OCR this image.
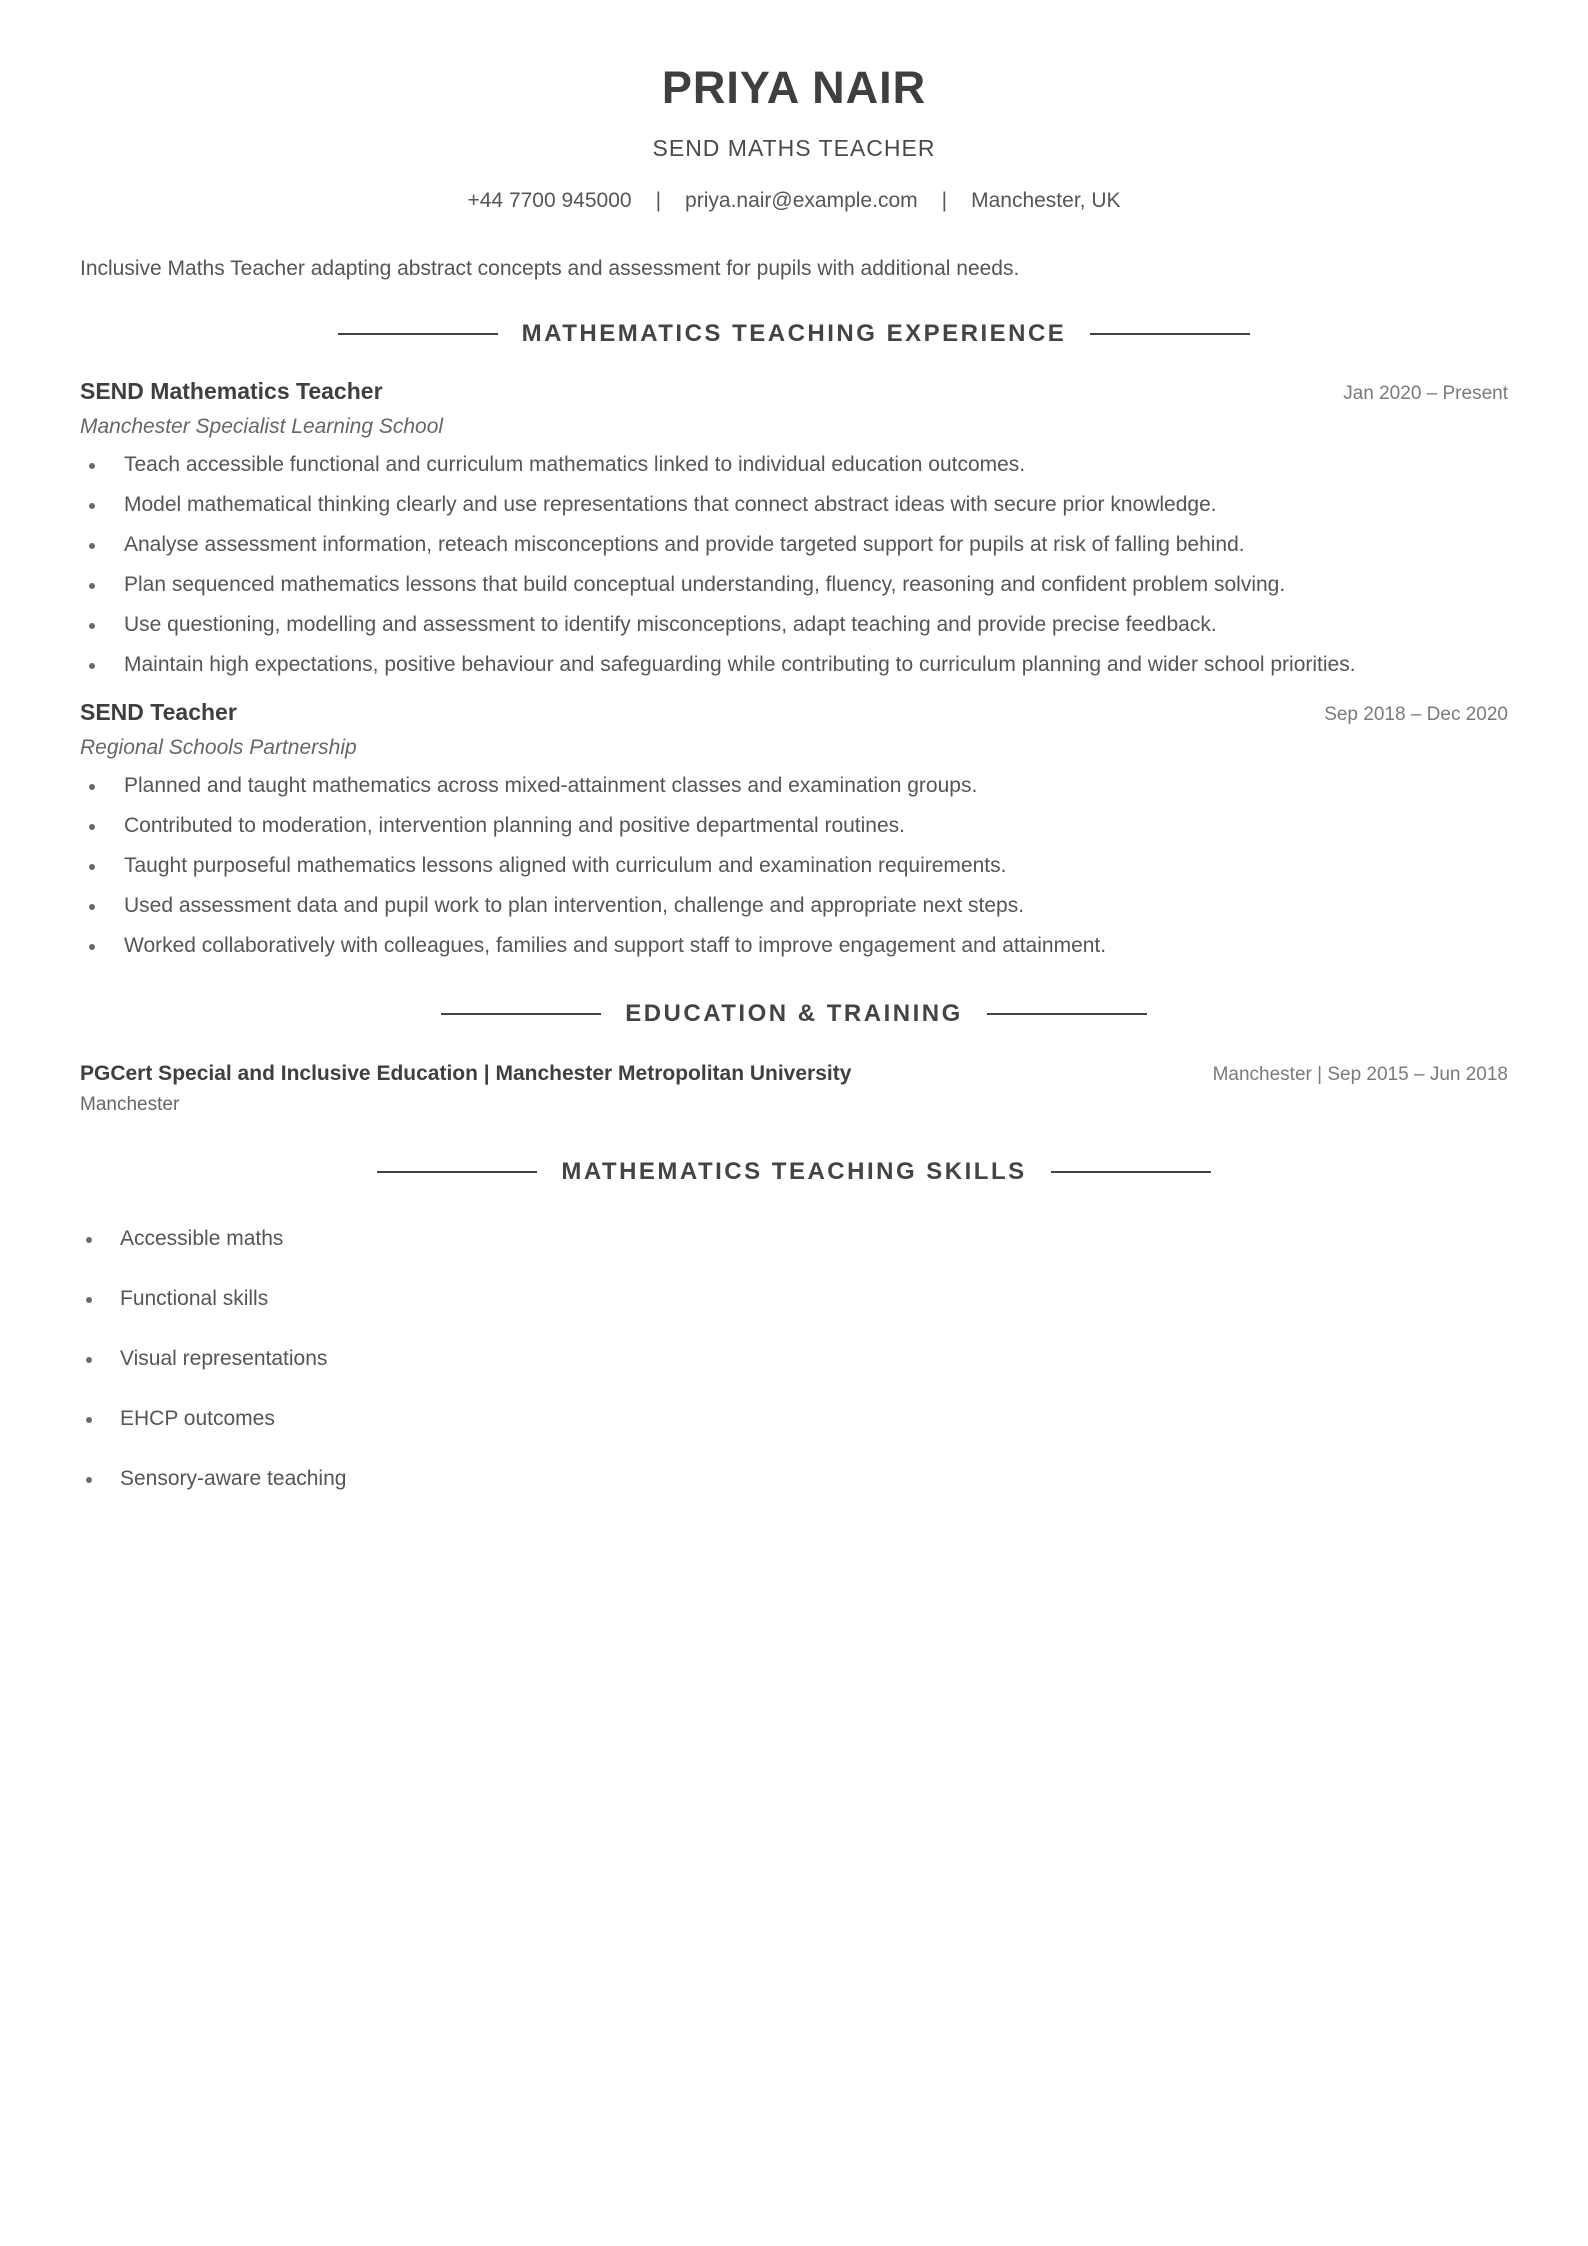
PRIYA NAIR
SEND MATHS TEACHER
+44 7700 945000 | priya.nair@example.com | Manchester, UK
Inclusive Maths Teacher adapting abstract concepts and assessment for pupils with additional needs.
MATHEMATICS TEACHING EXPERIENCE
SEND Mathematics Teacher	Jan 2020 – Present
Manchester Specialist Learning School
Teach accessible functional and curriculum mathematics linked to individual education outcomes.
Model mathematical thinking clearly and use representations that connect abstract ideas with secure prior knowledge.
Analyse assessment information, reteach misconceptions and provide targeted support for pupils at risk of falling behind.
Plan sequenced mathematics lessons that build conceptual understanding, fluency, reasoning and confident problem solving.
Use questioning, modelling and assessment to identify misconceptions, adapt teaching and provide precise feedback.
Maintain high expectations, positive behaviour and safeguarding while contributing to curriculum planning and wider school priorities.
SEND Teacher	Sep 2018 – Dec 2020
Regional Schools Partnership
Planned and taught mathematics across mixed-attainment classes and examination groups.
Contributed to moderation, intervention planning and positive departmental routines.
Taught purposeful mathematics lessons aligned with curriculum and examination requirements.
Used assessment data and pupil work to plan intervention, challenge and appropriate next steps.
Worked collaboratively with colleagues, families and support staff to improve engagement and attainment.
EDUCATION & TRAINING
PGCert Special and Inclusive Education | Manchester Metropolitan University	Manchester | Sep 2015 – Jun 2018
Manchester
MATHEMATICS TEACHING SKILLS
Accessible maths
Functional skills
Visual representations
EHCP outcomes
Sensory-aware teaching
